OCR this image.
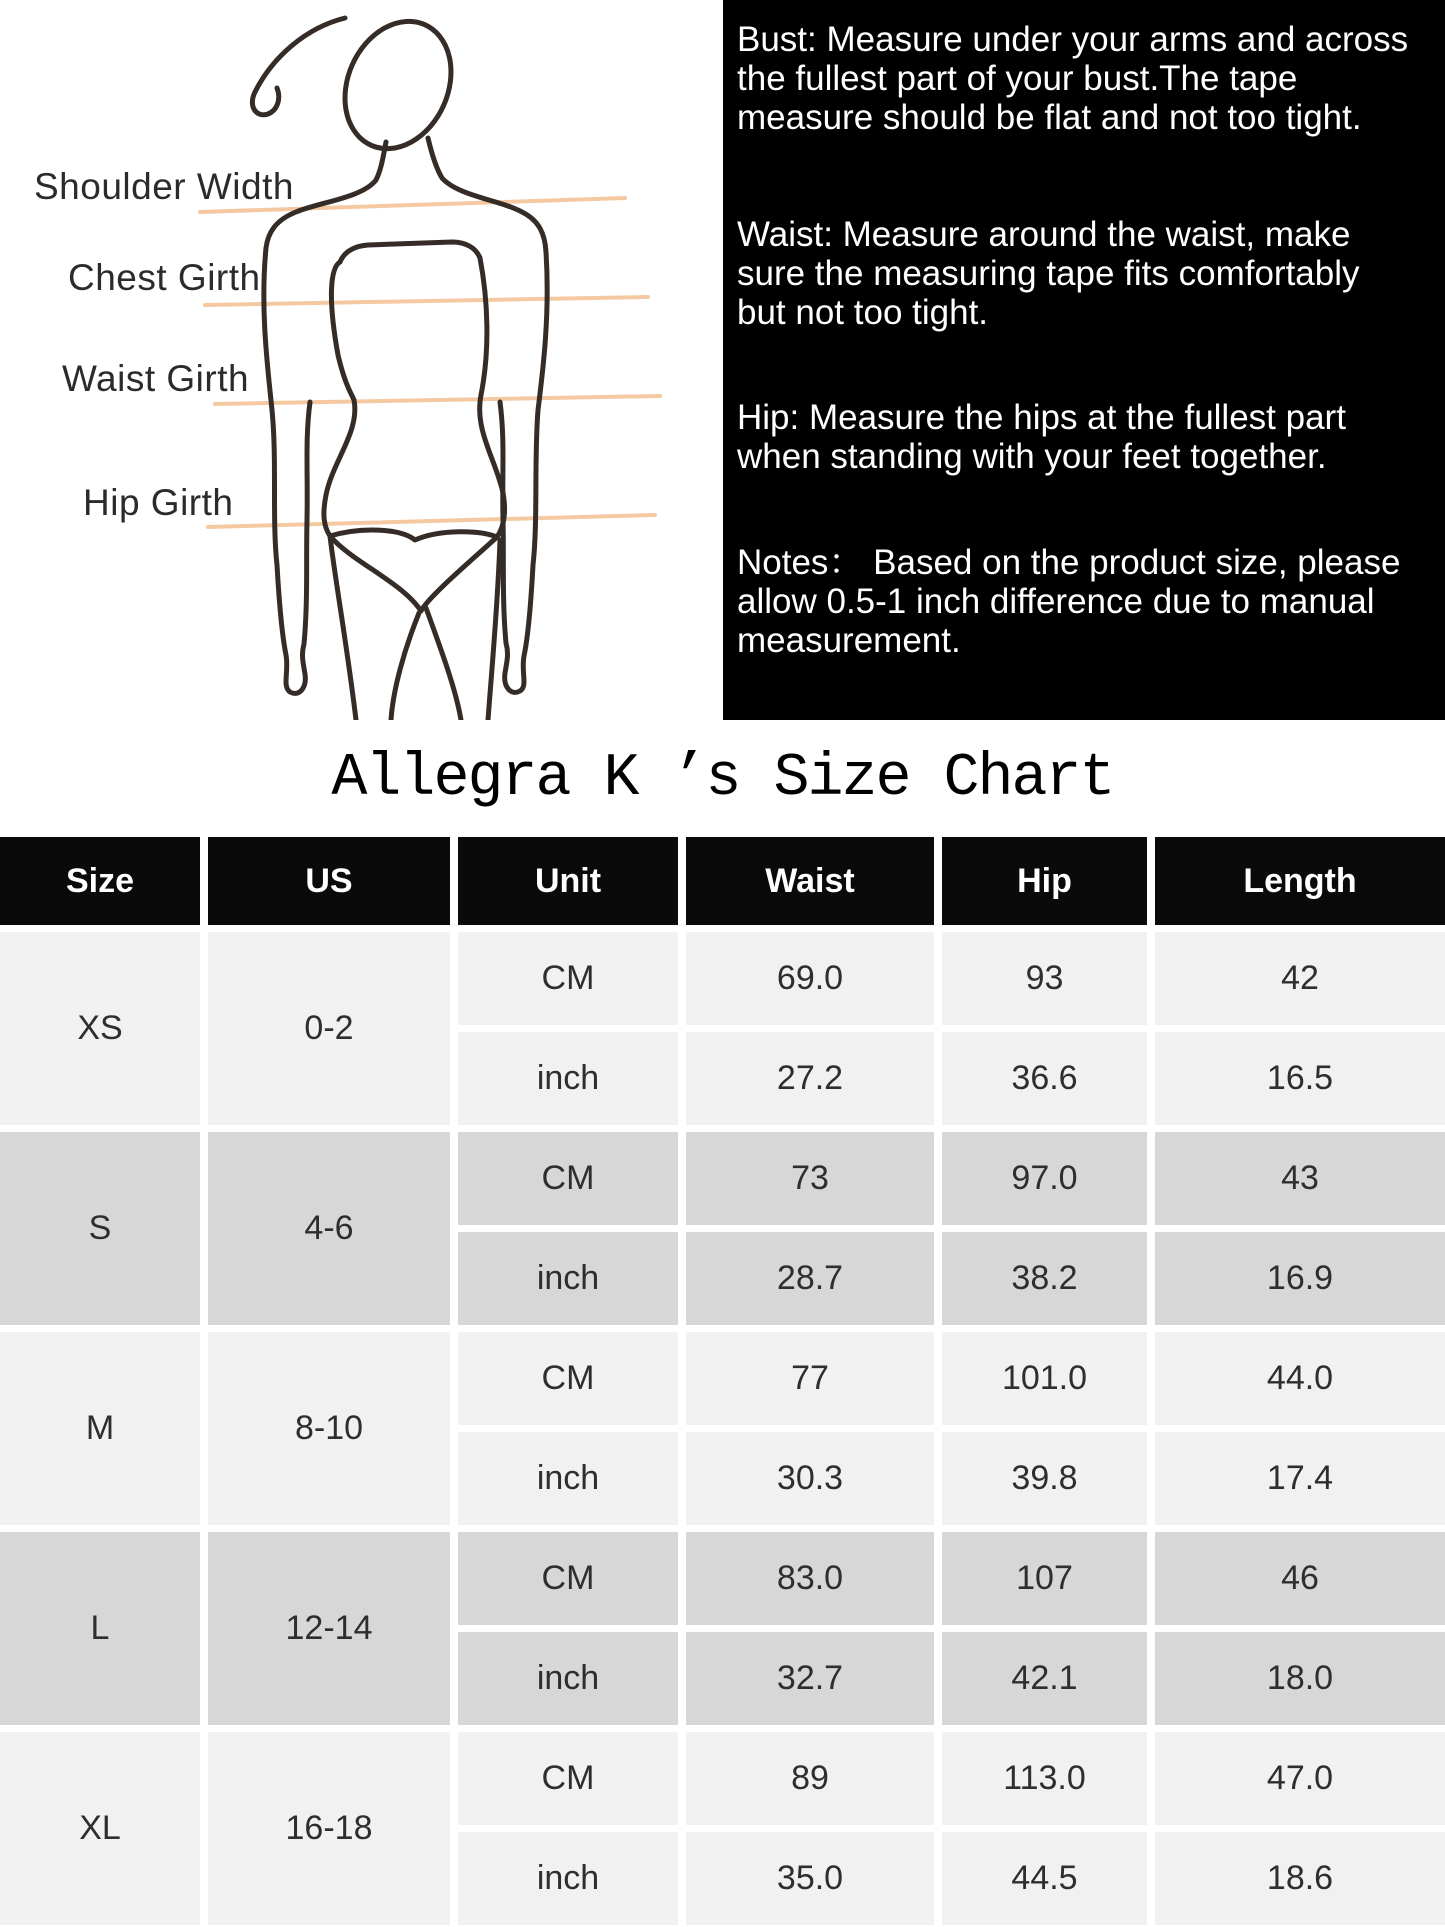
Shoulder Width
Chest Girth
Waist Girth
Hip Girth

Bust: Measure under your arms and across the fullest part of your bust.The tape measure should be flat and not too tight.

Waist: Measure around the waist, make sure the measuring tape fits comfortably but not too tight.

Hip: Measure the hips at the fullest part when standing with your feet together.

Notes： Based on the product size, please allow 0.5-1 inch difference due to manual measurement.

Allegra K ’s Size Chart
Size	US	Unit	Waist	Hip	Length
XS	0-2	CM	69.0	93	42
		inch	27.2	36.6	16.5
S	4-6	CM	73	97.0	43
		inch	28.7	38.2	16.9
M	8-10	CM	77	101.0	44.0
		inch	30.3	39.8	17.4
L	12-14	CM	83.0	107	46
		inch	32.7	42.1	18.0
XL	16-18	CM	89	113.0	47.0
		inch	35.0	44.5	18.6
